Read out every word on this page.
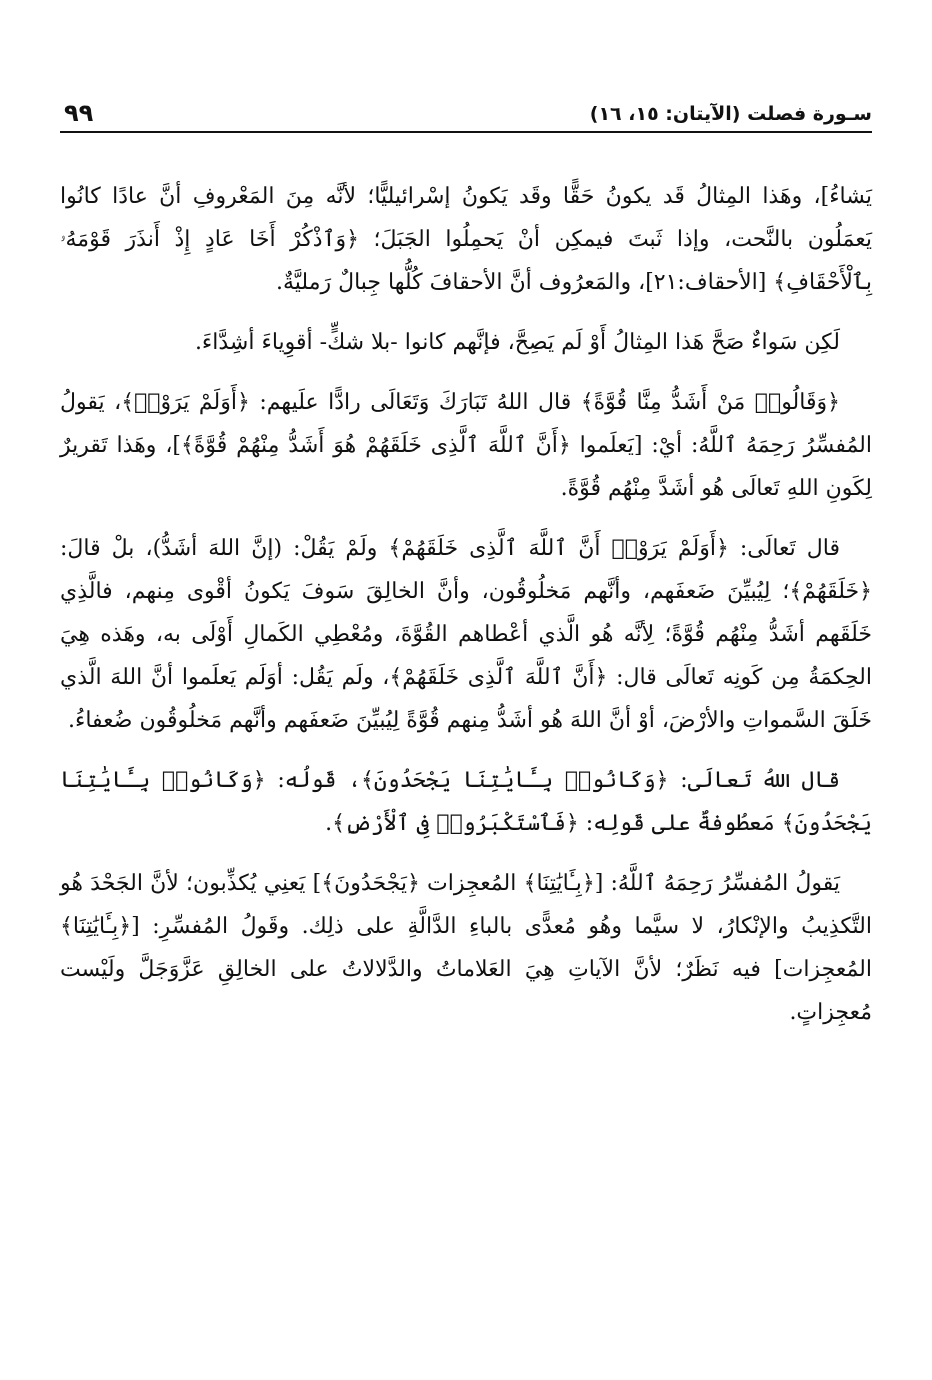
سـورة فصلت (الآيتان: ١٥، ١٦)
٩٩

يَشاءُ]، وهَذا المِثالُ قَد يكونُ حَقًّا وقَد يَكونُ إسْرائيليًّا؛ لأنَّه مِنَ المَعْروفِ أنَّ عادًا كانُوا يَعمَلُون بالنَّحت، وإذا ثَبتَ فيمكِن أنْ يَحمِلُوا الجَبَلَ؛ ﴿وَٱذْكُرْ أَخَا عَادٍ إِذْ أَنذَرَ قَوْمَهُۥ بِٱلْأَحْقَافِ﴾ [الأحقاف:٢١]، والمَعرُوف أنَّ الأحقافَ كُلُّها جِبالٌ رَمليَّةٌ.

لَكِن سَواءٌ صَحَّ هَذا المِثالُ أَوْ لَم يَصِحَّ، فإنَّهم كانوا -بلا شكٍّ- أقوِياءَ أشِدَّاءَ.

﴿وَقَالُوا۟ مَنْ أَشَدُّ مِنَّا قُوَّةً﴾ قال اللهُ تَبَارَكَ وَتَعَالَى رادًّا علَيهم: ﴿أَوَلَمْ يَرَوْا۟﴾، يَقولُ المُفسِّرُ رَحِمَهُ ٱللَّهُ: أيْ: [يَعلَموا ﴿أَنَّ ٱللَّهَ ٱلَّذِى خَلَقَهُمْ هُوَ أَشَدُّ مِنْهُمْ قُوَّةً﴾]، وهَذا تَقريرٌ لِكَونِ اللهِ تَعالَى هُو أشَدَّ مِنْهُم قُوَّةً.

قال تَعالَى: ﴿أَوَلَمْ يَرَوْا۟ أَنَّ ٱللَّهَ ٱلَّذِى خَلَقَهُمْ﴾ ولَمْ يَقُلْ: (إنَّ اللهَ أشَدُّ)، بلْ قالَ: ﴿خَلَقَهُمْ﴾؛ لِيُبيِّنَ ضَعفَهم، وأنَّهم مَخلُوقُون، وأنَّ الخالِقَ سَوفَ يَكونُ أقْوى مِنهم، فالَّذِي خَلَقَهم أشَدُّ مِنْهُم قُوَّةً؛ لِأنَّه هُو الَّذي أعْطاهم القُوَّةَ، ومُعْطِي الكَمالِ أَوْلَى به، وهَذه هِيَ الحِكمَةُ مِن كَونِه تَعالَى قال: ﴿أَنَّ ٱللَّهَ ٱلَّذِى خَلَقَهُمْ﴾، ولَم يَقُل: أوَلَم يَعلَموا أنَّ اللهَ الَّذي خَلَقَ السَّمواتِ والأرْضَ، أوْ أنَّ اللهَ هُو أشَدُّ مِنهم قُوَّةً لِيُبيِّنَ ضَعفَهم وأنَّهم مَخلُوقُون ضُعفاءُ.

قال اللهُ تَعالَى: ﴿وَكَانُوا۟ بِـَٔايَٰتِنَا يَجْحَدُونَ﴾، قَولُه: ﴿وَكَانُوا۟ بِـَٔايَٰتِنَا يَجْحَدُونَ﴾ مَعطُوفةٌ على قَولِه: ﴿فَٱسْتَكْبَرُوا۟ فِى ٱلْأَرْضِ﴾.

يَقولُ المُفسِّرُ رَحِمَهُ ٱللَّهُ: [﴿بِـَٔايَٰتِنَا﴾ المُعجِزات ﴿يَجْحَدُونَ﴾] يَعنِي يُكذِّبون؛ لأنَّ الجَحْدَ هُو التَّكذِيبُ والإنْكارُ، لا سيَّما وهُو مُعدًّى بالباءِ الدَّالَّةِ على ذلِك. وقَولُ المُفسِّرِ: [﴿بِـَٔايَٰتِنَا﴾ المُعجِزات] فيه نَظَرٌ؛ لأنَّ الآياتِ هِيَ العَلاماتُ والدَّلالاتُ على الخالِقِ عَزَّوَجَلَّ ولَيْست مُعجِزاتٍ.
